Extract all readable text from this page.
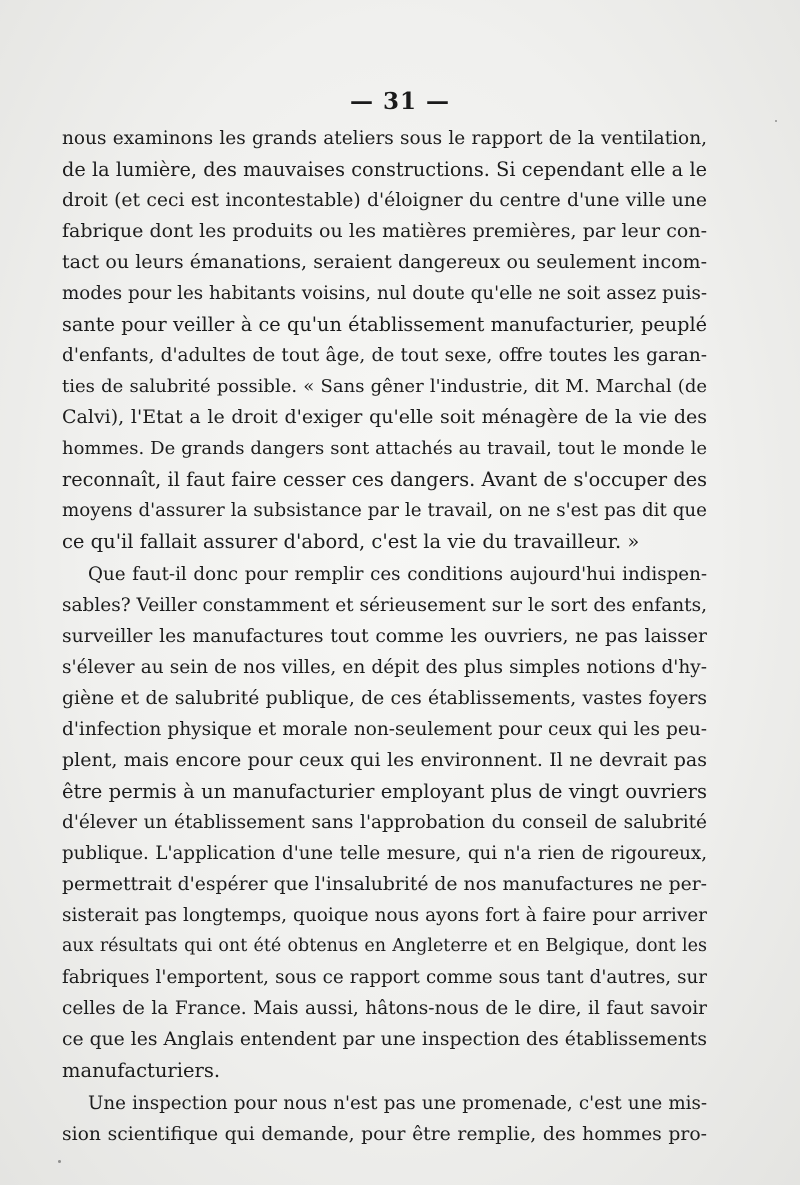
— 31 —
nous examinons les grands ateliers sous le rapport de la ventilation,
de la lumière, des mauvaises constructions. Si cependant elle a le
droit (et ceci est incontestable) d'éloigner du centre d'une ville une
fabrique dont les produits ou les matières premières, par leur con-
tact ou leurs émanations, seraient dangereux ou seulement incom-
modes pour les habitants voisins, nul doute qu'elle ne soit assez puis-
sante pour veiller à ce qu'un établissement manufacturier, peuplé
d'enfants, d'adultes de tout âge, de tout sexe, offre toutes les garan-
ties de salubrité possible. « Sans gêner l'industrie, dit M. Marchal (de
Calvi), l'Etat a le droit d'exiger qu'elle soit ménagère de la vie des
hommes. De grands dangers sont attachés au travail, tout le monde le
reconnaît, il faut faire cesser ces dangers. Avant de s'occuper des
moyens d'assurer la subsistance par le travail, on ne s'est pas dit que
ce qu'il fallait assurer d'abord, c'est la vie du travailleur. »
Que faut-il donc pour remplir ces conditions aujourd'hui indispen-
sables? Veiller constamment et sérieusement sur le sort des enfants,
surveiller les manufactures tout comme les ouvriers, ne pas laisser
s'élever au sein de nos villes, en dépit des plus simples notions d'hy-
giène et de salubrité publique, de ces établissements, vastes foyers
d'infection physique et morale non-seulement pour ceux qui les peu-
plent, mais encore pour ceux qui les environnent. Il ne devrait pas
être permis à un manufacturier employant plus de vingt ouvriers
d'élever un établissement sans l'approbation du conseil de salubrité
publique. L'application d'une telle mesure, qui n'a rien de rigoureux,
permettrait d'espérer que l'insalubrité de nos manufactures ne per-
sisterait pas longtemps, quoique nous ayons fort à faire pour arriver
aux résultats qui ont été obtenus en Angleterre et en Belgique, dont les
fabriques l'emportent, sous ce rapport comme sous tant d'autres, sur
celles de la France. Mais aussi, hâtons-nous de le dire, il faut savoir
ce que les Anglais entendent par une inspection des établissements
manufacturiers.
Une inspection pour nous n'est pas une promenade, c'est une mis-
sion scientifique qui demande, pour être remplie, des hommes pro-
